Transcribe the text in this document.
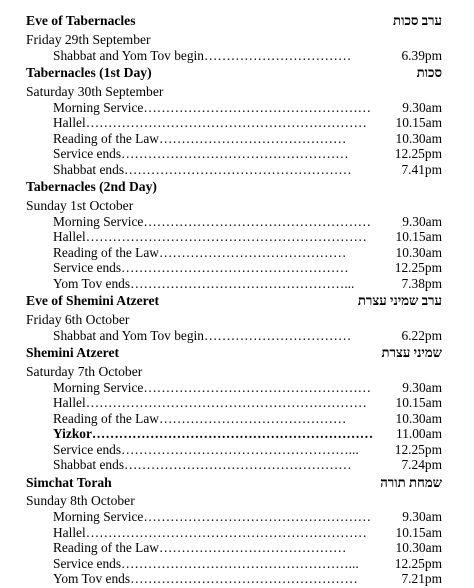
Eve of Tabernacles	ערב סכות
Friday 29th September
Shabbat and Yom Tov begin……………………………	6.39pm
Tabernacles (1st Day)	סכות
Saturday 30th September
Morning Service……………………………………………	9.30am
Hallel………………………………………………………	10.15am
Reading of the Law……………………………………	10.30am
Service ends……………………………………………	12.25pm
Shabbat ends……………………………………………	7.41pm
Tabernacles (2nd Day)
Sunday 1st October
Morning Service……………………………………………	9.30am
Hallel………………………………………………………	10.15am
Reading of the Law……………………………………	10.30am
Service ends……………………………………………	12.25pm
Yom Tov ends…………………………………………...	7.38pm
Eve of Shemini Atzeret	ערב שמיני עצרת
Friday 6th October
Shabbat and Yom Tov begin……………………………	6.22pm
Shemini Atzeret	שמיני עצרת
Saturday 7th October
Morning Service……………………………………………	9.30am
Hallel………………………………………………………	10.15am
Reading of the Law……………………………………	10.30am
Yizkor………………………………………………………	11.00am
Service ends……………………………………………...	12.25pm
Shabbat ends……………………………………………	7.24pm
Simchat Torah	שמחת תורה
Sunday 8th October
Morning Service……………………………………………	9.30am
Hallel………………………………………………………	10.15am
Reading of the Law……………………………………	10.30am
Service ends……………………………………………...	12.25pm
Yom Tov ends……………………………………………	7.21pm
